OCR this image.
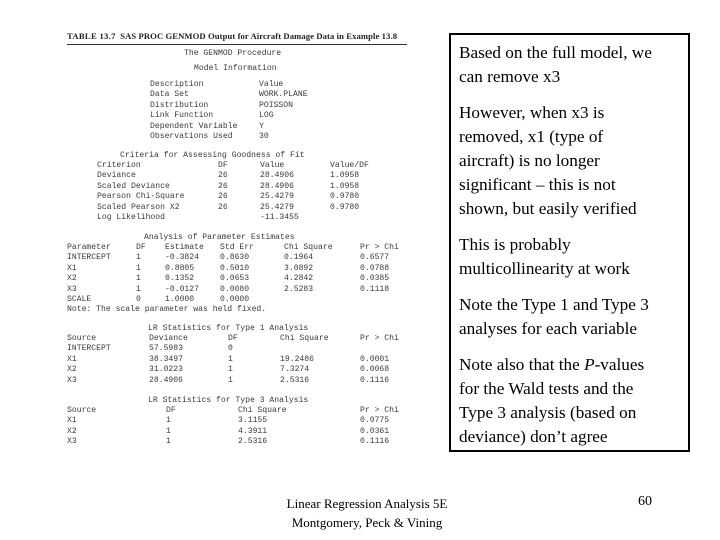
TABLE 13.7 SAS PROC GENMOD Output for Aircraft Damage Data in Example 13.8
The GENMOD Procedure
Model Information
Description	Value
Data Set	WORK.PLANE
Distribution	POISSON
Link Function	LOG
Dependent Variable	Y
Observations Used	30
Criteria for Assessing Goodness of Fit
Criterion	DF	Value	Value/DF
Deviance	26	28.4906	1.0958
Scaled Deviance	26	28.4906	1.0958
Pearson Chi-Square	26	25.4279	0.9780
Scaled Pearson X2	26	25.4279	0.9780
Log Likelihood	-11.3455
Analysis of Parameter Estimates
Parameter	DF Estimate Std Err	Chi Square	Pr > Chi
INTERCEPT	1	-0.3824	0.8630	0.1964	0.6577
X1	1	0.8805	0.5010	3.0892	0.0788
X2	1	0.1352	0.0653	4.2842	0.0385
X3	1	-0.0127	0.0080	2.5283	0.1118
SCALE	0	1.0000	0.0000
Note: The scale parameter was held fixed.
LR Statistics for Type 1 Analysis
Source	Deviance	DF	Chi Square	Pr > Chi
INTERCEPT	57.5983	0
X1	38.3497	1	19.2486	0.0001
X2	31.0223	1	7.3274	0.0068
X3	28.4906	1	2.5316	0.1116
LR Statistics for Type 3 Analysis
Source	DF	Chi Square	Pr > Chi
X1	1	3.1155	0.0775
X2	1	4.3911	0.0361
X3	1	2.5316	0.1116
Based on the full model, we
can remove x3
However, when x3 is
removed, x1 (type of
aircraft) is no longer
significant – this is not
shown, but easily verified
This is probably
multicollinearity at work
Note the Type 1 and Type 3
analyses for each variable
Note also that the P-values
for the Wald tests and the
Type 3 analysis (based on
deviance) don’t agree
Linear Regression Analysis 5E
Montgomery, Peck & Vining
60
